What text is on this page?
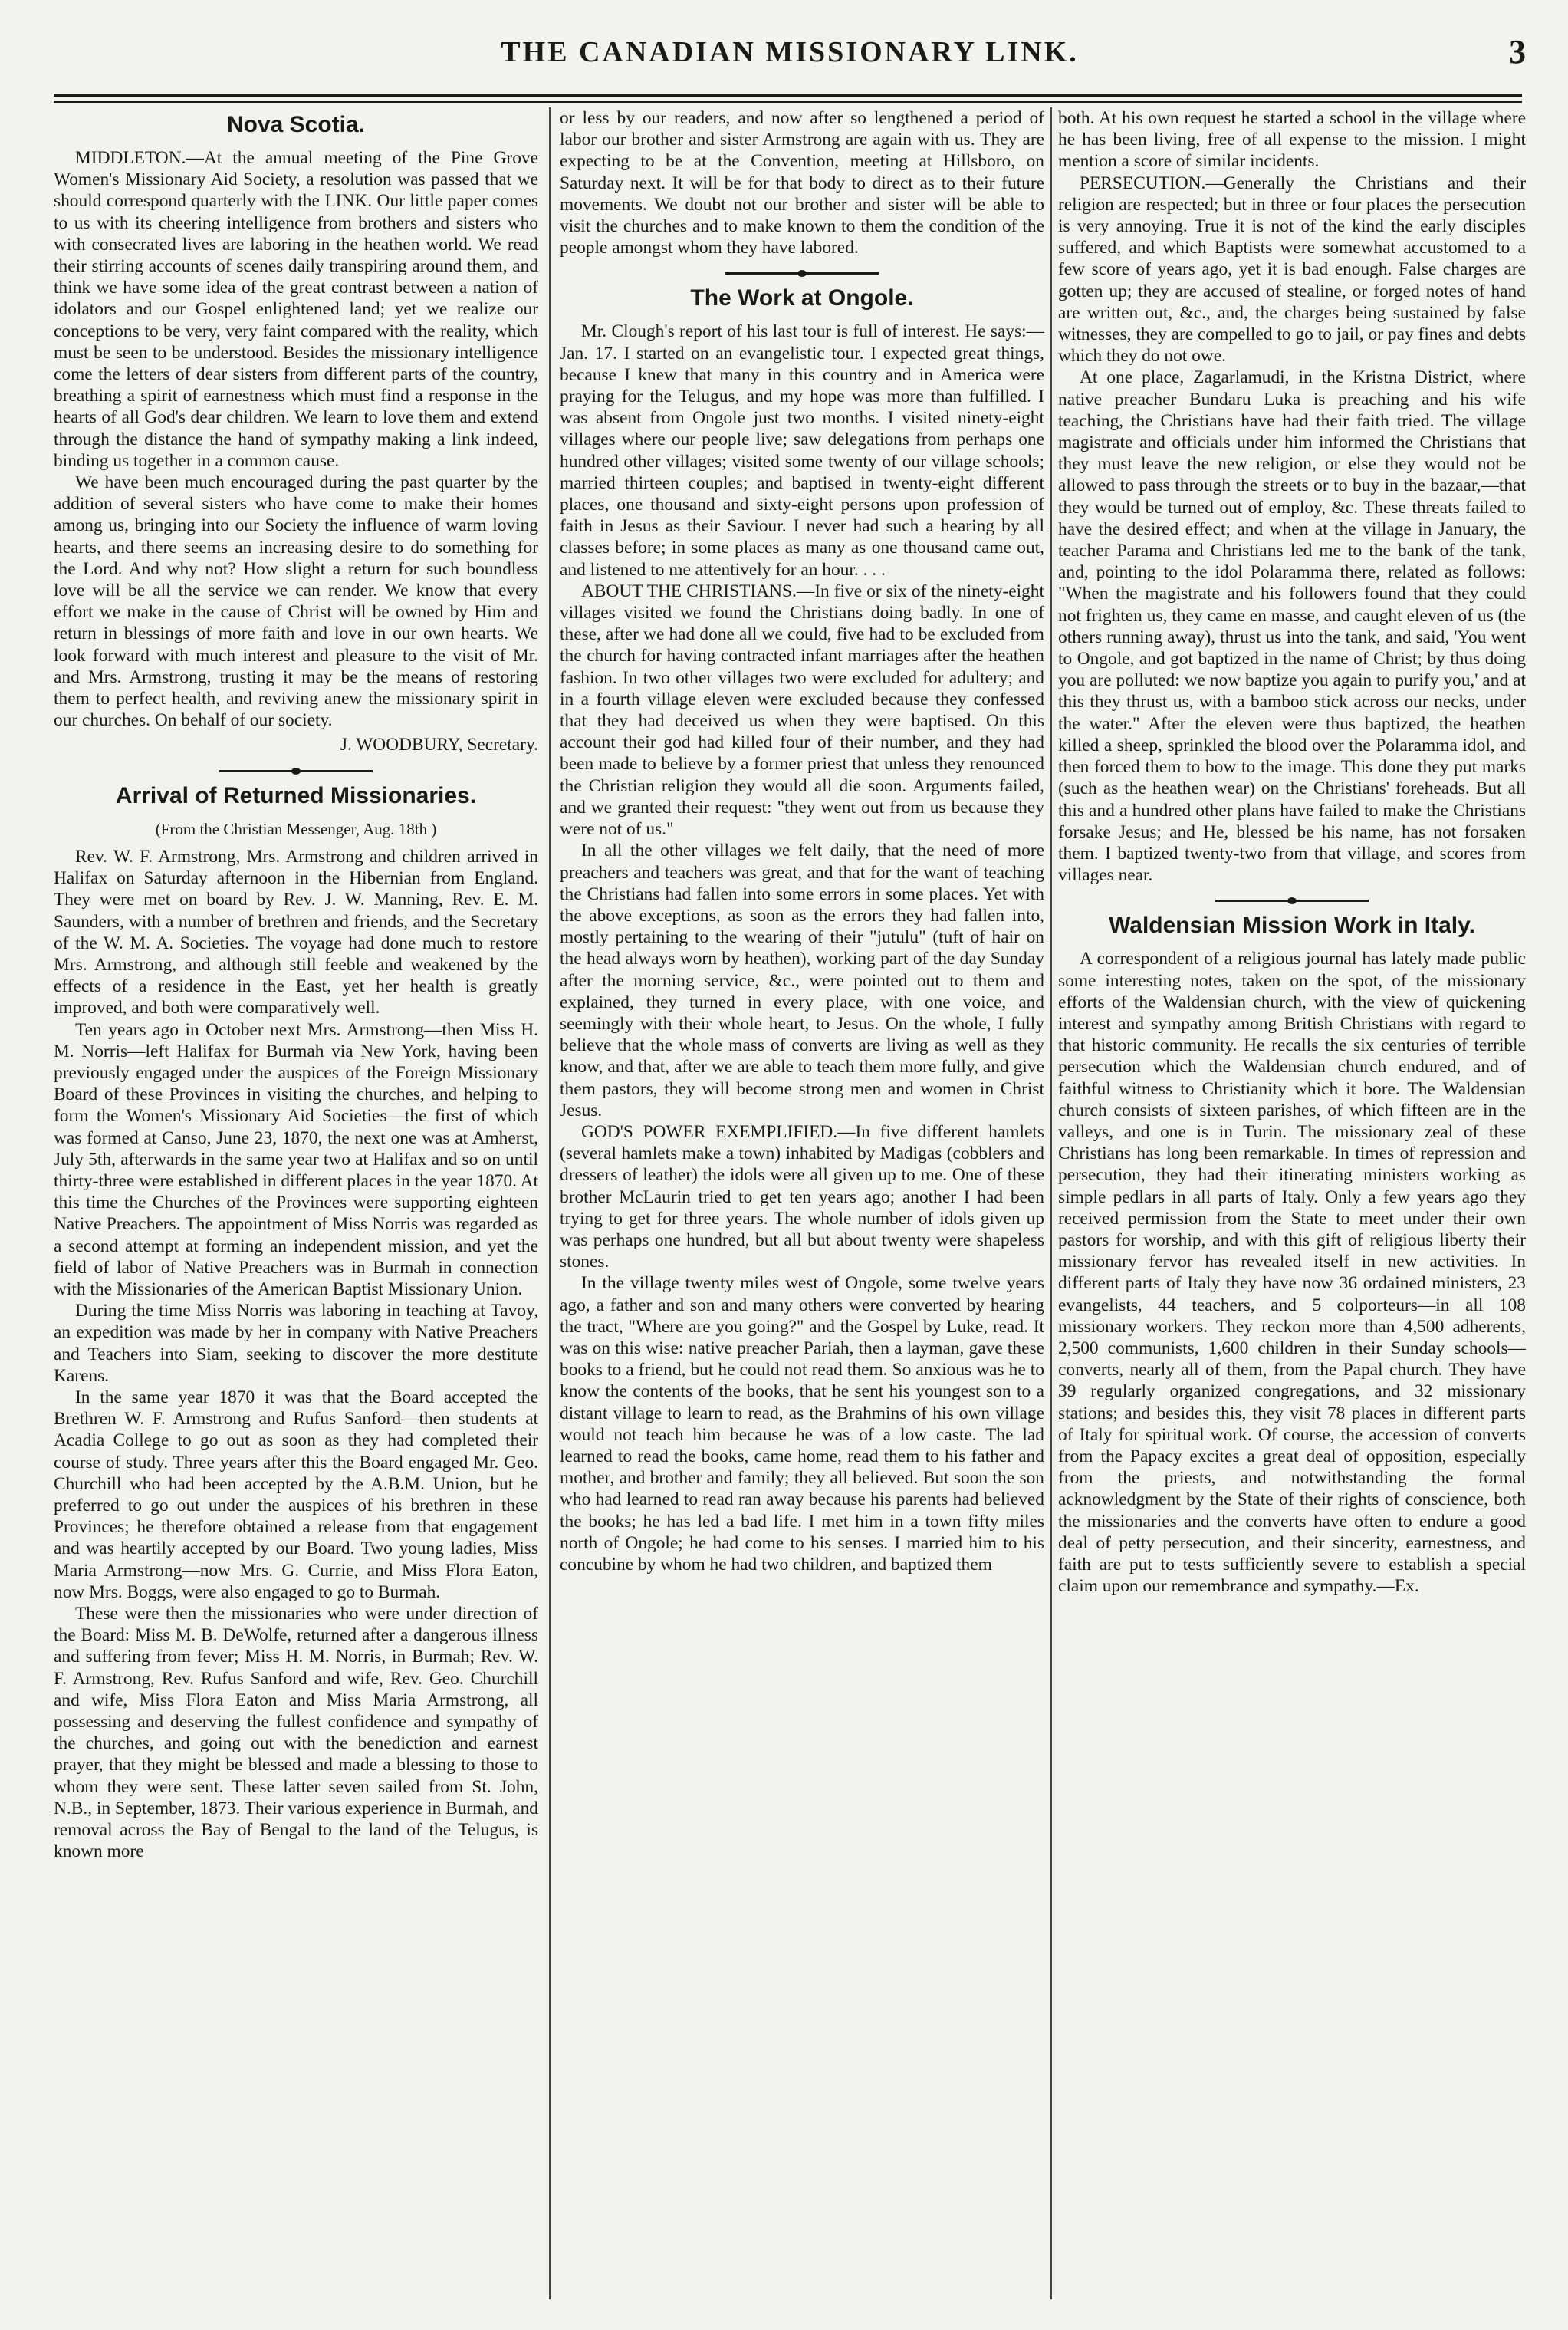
THE CANADIAN MISSIONARY LINK.	3
Nova Scotia.

MIDDLETON.—At the annual meeting of the Pine Grove Women's Missionary Aid Society, a resolution was passed that we should correspond quarterly with the LINK. Our little paper comes to us with its cheering intelligence from brothers and sisters who with consecrated lives are laboring in the heathen world. We read their stirring accounts of scenes daily transpiring around them, and think we have some idea of the great contrast between a nation of idolators and our Gospel enlightened land; yet we realize our conceptions to be very, very faint compared with the reality, which must be seen to be understood. Besides the missionary intelligence come the letters of dear sisters from different parts of the country, breathing a spirit of earnestness which must find a response in the hearts of all God's dear children. We learn to love them and extend through the distance the hand of sympathy making a link indeed, binding us together in a common cause.

We have been much encouraged during the past quarter by the addition of several sisters who have come to make their homes among us, bringing into our Society the influence of warm loving hearts, and there seems an increasing desire to do something for the Lord. And why not? How slight a return for such boundless love will be all the service we can render. We know that every effort we make in the cause of Christ will be owned by Him and return in blessings of more faith and love in our own hearts. We look forward with much interest and pleasure to the visit of Mr. and Mrs. Armstrong, trusting it may be the means of restoring them to perfect health, and reviving anew the missionary spirit in our churches. On behalf of our society.

J. WOODBURY, Secretary.
Arrival of Returned Missionaries.
(From the Christian Messenger, Aug. 18th )

Rev. W. F. Armstrong, Mrs. Armstrong and children arrived in Halifax on Saturday afternoon in the Hibernian from England. They were met on board by Rev. J. W. Manning, Rev. E. M. Saunders, with a number of brethren and friends, and the Secretary of the W. M. A. Societies. The voyage had done much to restore Mrs. Armstrong, and although still feeble and weakened by the effects of a residence in the East, yet her health is greatly improved, and both were comparatively well.

Ten years ago in October next Mrs. Armstrong—then Miss H. M. Norris—left Halifax for Burmah via New York, having been previously engaged under the auspices of the Foreign Missionary Board of these Provinces in visiting the churches, and helping to form the Women's Missionary Aid Societies—the first of which was formed at Canso, June 23, 1870, the next one was at Amherst, July 5th, afterwards in the same year two at Halifax and so on until thirty-three were established in different places in the year 1870. At this time the Churches of the Provinces were supporting eighteen Native Preachers. The appointment of Miss Norris was regarded as a second attempt at forming an independent mission, and yet the field of labor of Native Preachers was in Burmah in connection with the Missionaries of the American Baptist Missionary Union.

During the time Miss Norris was laboring in teaching at Tavoy, an expedition was made by her in company with Native Preachers and Teachers into Siam, seeking to discover the more destitute Karens.

In the same year 1870 it was that the Board accepted the Brethren W. F. Armstrong and Rufus Sanford—then students at Acadia College to go out as soon as they had completed their course of study. Three years after this the Board engaged Mr. Geo. Churchill who had been accepted by the A.B.M. Union, but he preferred to go out under the auspices of his brethren in these Provinces; he therefore obtained a release from that engagement and was heartily accepted by our Board. Two young ladies, Miss Maria Armstrong—now Mrs. G. Currie, and Miss Flora Eaton, now Mrs. Boggs, were also engaged to go to Burmah.

These were then the missionaries who were under direction of the Board: Miss M. B. DeWolfe, returned after a dangerous illness and suffering from fever; Miss H. M. Norris, in Burmah; Rev. W. F. Armstrong, Rev. Rufus Sanford and wife, Rev. Geo. Churchill and wife, Miss Flora Eaton and Miss Maria Armstrong, all possessing and deserving the fullest confidence and sympathy of the churches, and going out with the benediction and earnest prayer, that they might be blessed and made a blessing to those to whom they were sent. These latter seven sailed from St. John, N.B., in September, 1873. Their various experience in Burmah, and removal across the Bay of Bengal to the land of the Telugus, is known more

or less by our readers, and now after so lengthened a period of labor our brother and sister Armstrong are again with us. They are expecting to be at the Convention, meeting at Hillsboro, on Saturday next. It will be for that body to direct as to their future movements. We doubt not our brother and sister will be able to visit the churches and to make known to them the condition of the people amongst whom they have labored.

The Work at Ongole.

Mr. Clough's report of his last tour is full of interest. He says:—Jan. 17. I started on an evangelistic tour. I expected great things, because I knew that many in this country and in America were praying for the Telugus, and my hope was more than fulfilled. I was absent from Ongole just two months. I visited ninety-eight villages where our people live; saw delegations from perhaps one hundred other villages; visited some twenty of our village schools; married thirteen couples; and baptised in twenty-eight different places, one thousand and sixty-eight persons upon profession of faith in Jesus as their Saviour. I never had such a hearing by all classes before; in some places as many as one thousand came out, and listened to me attentively for an hour. . . .

ABOUT THE CHRISTIANS.—In five or six of the ninety-eight villages visited we found the Christians doing badly. In one of these, after we had done all we could, five had to be excluded from the church for having contracted infant marriages after the heathen fashion. In two other villages two were excluded for adultery; and in a fourth village eleven were excluded because they confessed that they had deceived us when they were baptised. On this account their god had killed four of their number, and they had been made to believe by a former priest that unless they renounced the Christian religion they would all die soon. Arguments failed, and we granted their request: "they went out from us because they were not of us."

In all the other villages we felt daily, that the need of more preachers and teachers was great, and that for the want of teaching the Christians had fallen into some errors in some places. Yet with the above exceptions, as soon as the errors they had fallen into, mostly pertaining to the wearing of their "jutulu" (tuft of hair on the head always worn by heathen), working part of the day Sunday after the morning service, &c., were pointed out to them and explained, they turned in every place, with one voice, and seemingly with their whole heart, to Jesus. On the whole, I fully believe that the whole mass of converts are living as well as they know, and that, after we are able to teach them more fully, and give them pastors, they will become strong men and women in Christ Jesus.

GOD'S POWER EXEMPLIFIED.—In five different hamlets (several hamlets make a town) inhabited by Madigas (cobblers and dressers of leather) the idols were all given up to me. One of these brother McLaurin tried to get ten years ago; another I had been trying to get for three years. The whole number of idols given up was perhaps one hundred, but all but about twenty were shapeless stones.

In the village twenty miles west of Ongole, some twelve years ago, a father and son and many others were converted by hearing the tract, "Where are you going?" and the Gospel by Luke, read. It was on this wise: native preacher Pariah, then a layman, gave these books to a friend, but he could not read them. So anxious was he to know the contents of the books, that he sent his youngest son to a distant village to learn to read, as the Brahmins of his own village would not teach him because he was of a low caste. The lad learned to read the books, came home, read them to his father and mother, and brother and family; they all believed. But soon the son who had learned to read ran away because his parents had believed the books; he has led a bad life. I met him in a town fifty miles north of Ongole; he had come to his senses. I married him to his concubine by whom he had two children, and baptized them

both. At his own request he started a school in the village where he has been living, free of all expense to the mission. I might mention a score of similar incidents.

PERSECUTION.—Generally the Christians and their religion are respected; but in three or four places the persecution is very annoying. True it is not of the kind the early disciples suffered, and which Baptists were somewhat accustomed to a few score of years ago, yet it is bad enough. False charges are gotten up; they are accused of stealine, or forged notes of hand are written out, &c., and, the charges being sustained by false witnesses, they are compelled to go to jail, or pay fines and debts which they do not owe.

At one place, Zagarlamudi, in the Kristna District, where native preacher Bundaru Luka is preaching and his wife teaching, the Christians have had their faith tried. The village magistrate and officials under him informed the Christians that they must leave the new religion, or else they would not be allowed to pass through the streets or to buy in the bazaar,—that they would be turned out of employ, &c. These threats failed to have the desired effect; and when at the village in January, the teacher Parama and Christians led me to the bank of the tank, and, pointing to the idol Polaramma there, related as follows: "When the magistrate and his followers found that they could not frighten us, they came en masse, and caught eleven of us (the others running away), thrust us into the tank, and said, 'You went to Ongole, and got baptized in the name of Christ; by thus doing you are polluted: we now baptize you again to purify you,' and at this they thrust us, with a bamboo stick across our necks, under the water." After the eleven were thus baptized, the heathen killed a sheep, sprinkled the blood over the Polaramma idol, and then forced them to bow to the image. This done they put marks (such as the heathen wear) on the Christians' foreheads. But all this and a hundred other plans have failed to make the Christians forsake Jesus; and He, blessed be his name, has not forsaken them. I baptized twenty-two from that village, and scores from villages near.

Waldensian Mission Work in Italy.

A correspondent of a religious journal has lately made public some interesting notes, taken on the spot, of the missionary efforts of the Waldensian church, with the view of quickening interest and sympathy among British Christians with regard to that historic community. He recalls the six centuries of terrible persecution which the Waldensian church endured, and of faithful witness to Christianity which it bore. The Waldensian church consists of sixteen parishes, of which fifteen are in the valleys, and one is in Turin. The missionary zeal of these Christians has long been remarkable. In times of repression and persecution, they had their itinerating ministers working as simple pedlars in all parts of Italy. Only a few years ago they received permission from the State to meet under their own pastors for worship, and with this gift of religious liberty their missionary fervor has revealed itself in new activities. In different parts of Italy they have now 36 ordained ministers, 23 evangelists, 44 teachers, and 5 colporteurs—in all 108 missionary workers. They reckon more than 4,500 adherents, 2,500 communists, 1,600 children in their Sunday schools—converts, nearly all of them, from the Papal church. They have 39 regularly organized congregations, and 32 missionary stations; and besides this, they visit 78 places in different parts of Italy for spiritual work. Of course, the accession of converts from the Papacy excites a great deal of opposition, especially from the priests, and notwithstanding the formal acknowledgment by the State of their rights of conscience, both the missionaries and the converts have often to endure a good deal of petty persecution, and their sincerity, earnestness, and faith are put to tests sufficiently severe to establish a special claim upon our remembrance and sympathy.—Ex.
